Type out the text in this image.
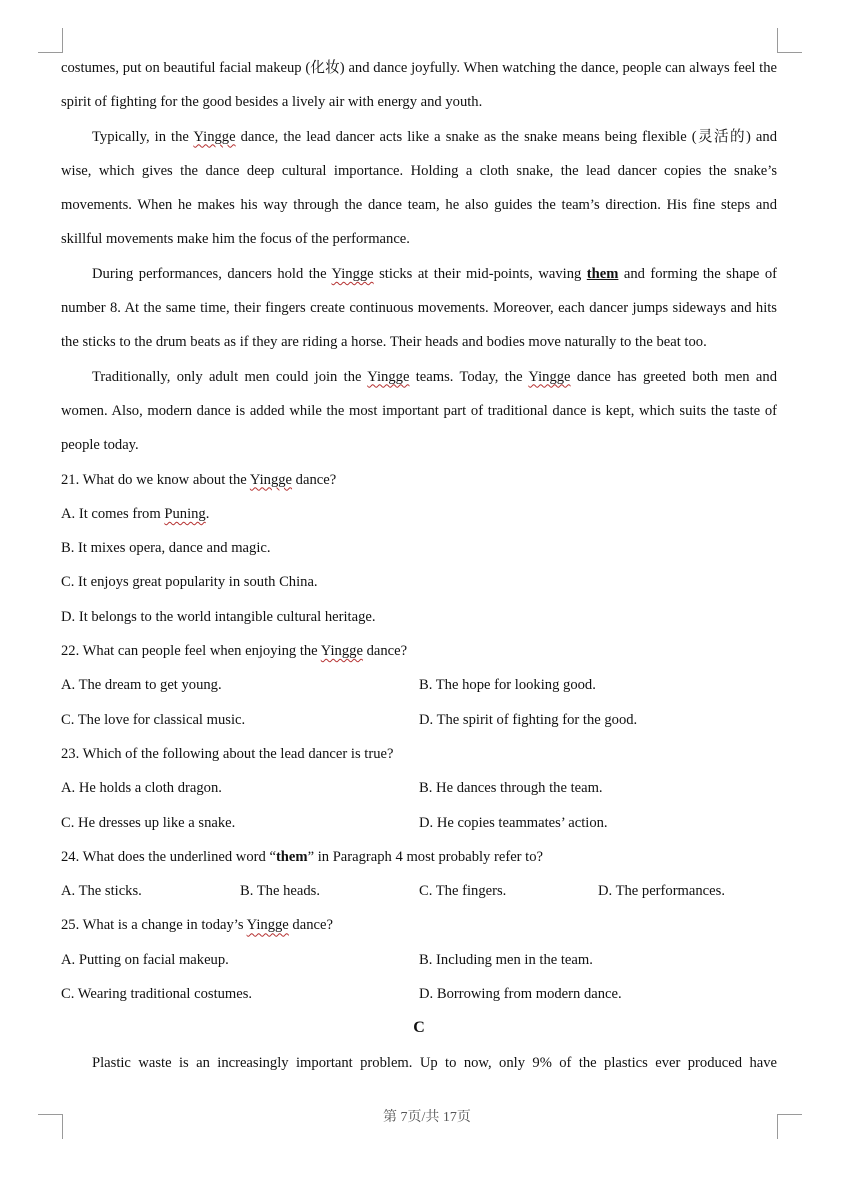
costumes, put on beautiful facial makeup (化妆) and dance joyfully. When watching the dance, people can always feel the spirit of fighting for the good besides a lively air with energy and youth.

Typically, in the Yingge dance, the lead dancer acts like a snake as the snake means being flexible (灵活的) and wise, which gives the dance deep cultural importance. Holding a cloth snake, the lead dancer copies the snake’s movements. When he makes his way through the dance team, he also guides the team’s direction. His fine steps and skillful movements make him the focus of the performance.

During performances, dancers hold the Yingge sticks at their mid-points, waving them and forming the shape of number 8. At the same time, their fingers create continuous movements. Moreover, each dancer jumps sideways and hits the sticks to the drum beats as if they are riding a horse. Their heads and bodies move naturally to the beat too.

Traditionally, only adult men could join the Yingge teams. Today, the Yingge dance has greeted both men and women. Also, modern dance is added while the most important part of traditional dance is kept, which suits the taste of people today.

21. What do we know about the Yingge dance?
A. It comes from Puning.
B. It mixes opera, dance and magic.
C. It enjoys great popularity in south China.
D. It belongs to the world intangible cultural heritage.
22. What can people feel when enjoying the Yingge dance?
A. The dream to get young.	B. The hope for looking good.
C. The love for classical music.	D. The spirit of fighting for the good.
23. Which of the following about the lead dancer is true?
A. He holds a cloth dragon.	B. He dances through the team.
C. He dresses up like a snake.	D. He copies teammates’ action.
24. What does the underlined word “them” in Paragraph 4 most probably refer to?
A. The sticks.	B. The heads.	C. The fingers.	D. The performances.
25. What is a change in today’s Yingge dance?
A. Putting on facial makeup.	B. Including men in the team.
C. Wearing traditional costumes.	D. Borrowing from modern dance.
C
Plastic waste is an increasingly important problem. Up to now, only 9% of the plastics ever produced have
第 7页/共 17页
